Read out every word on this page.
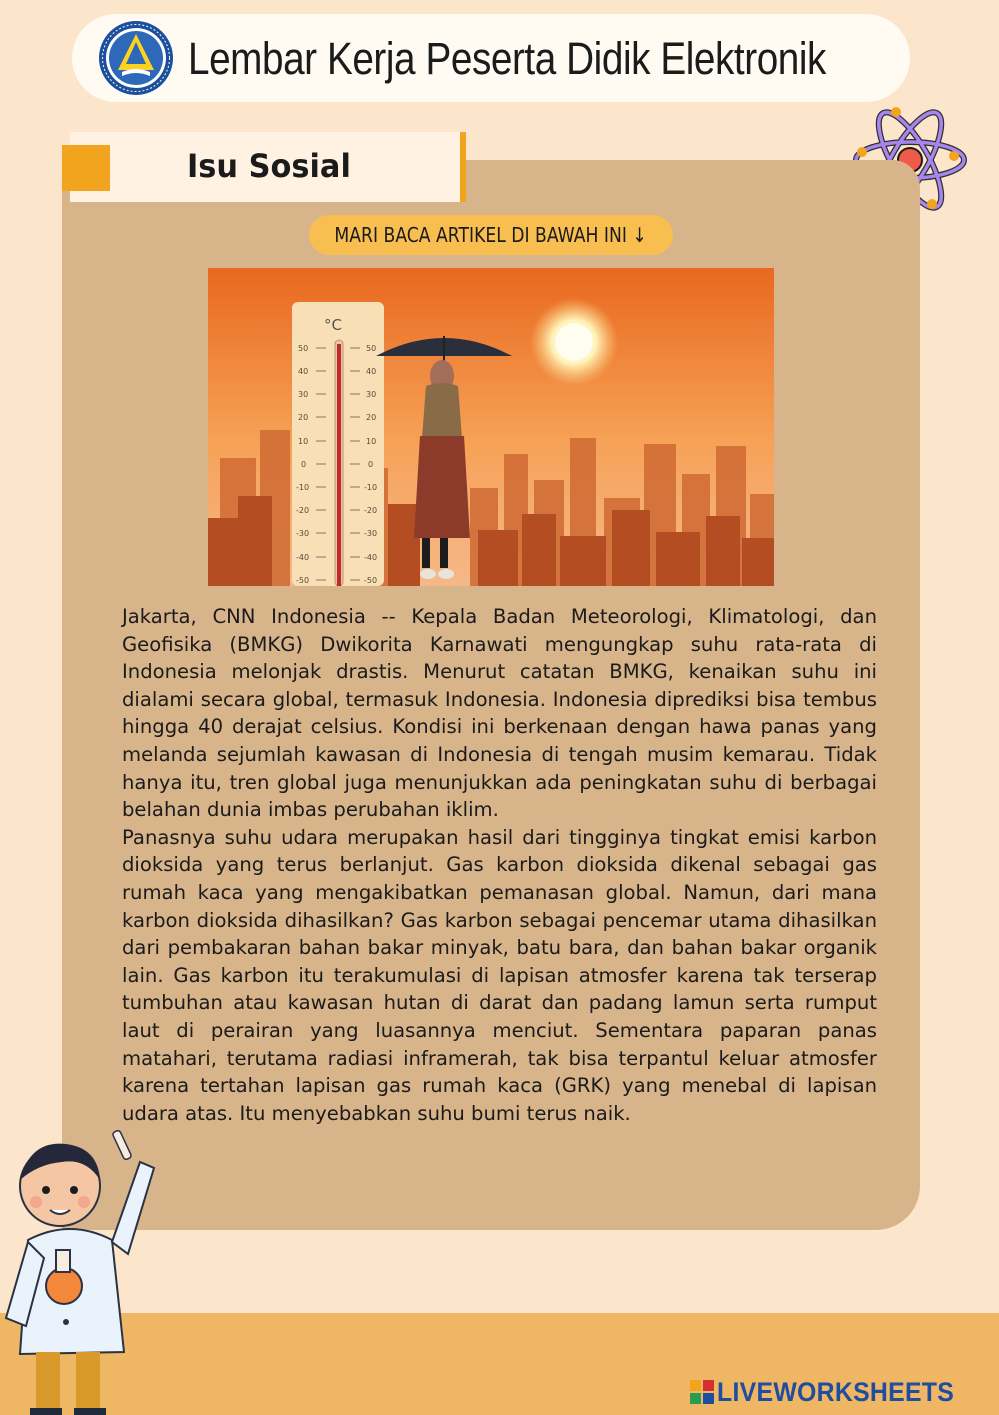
Lembar Kerja Peserta Didik Elektronik
Isu Sosial
MARI BACA ARTIKEL DI BAWAH INI ↓
°C
50
40
30
20
10
0
-10
-20
-30
-40
-50
50
40
30
20
10
0
-10
-20
-30
-40
-50

Jakarta, CNN Indonesia -- Kepala Badan Meteorologi, Klimatologi, dan Geofisika (BMKG) Dwikorita Karnawati mengungkap suhu rata-rata di Indonesia melonjak drastis. Menurut catatan BMKG, kenaikan suhu ini dialami secara global, termasuk Indonesia. Indonesia diprediksi bisa tembus hingga 40 derajat celsius. Kondisi ini berkenaan dengan hawa panas yang melanda sejumlah kawasan di Indonesia di tengah musim kemarau. Tidak hanya itu, tren global juga menunjukkan ada peningkatan suhu di berbagai belahan dunia imbas perubahan iklim.

Panasnya suhu udara merupakan hasil dari tingginya tingkat emisi karbon dioksida yang terus berlanjut. Gas karbon dioksida dikenal sebagai gas rumah kaca yang mengakibatkan pemanasan global. Namun, dari mana karbon dioksida dihasilkan? Gas karbon sebagai pencemar utama dihasilkan dari pembakaran bahan bakar minyak, batu bara, dan bahan bakar organik lain. Gas karbon itu terakumulasi di lapisan atmosfer karena tak terserap tumbuhan atau kawasan hutan di darat dan padang lamun serta rumput laut di perairan yang luasannya menciut. Sementara paparan panas matahari, terutama radiasi inframerah, tak bisa terpantul keluar atmosfer karena tertahan lapisan gas rumah kaca (GRK) yang menebal di lapisan udara atas. Itu menyebabkan suhu bumi terus naik.

LIVEWORKSHEETS
